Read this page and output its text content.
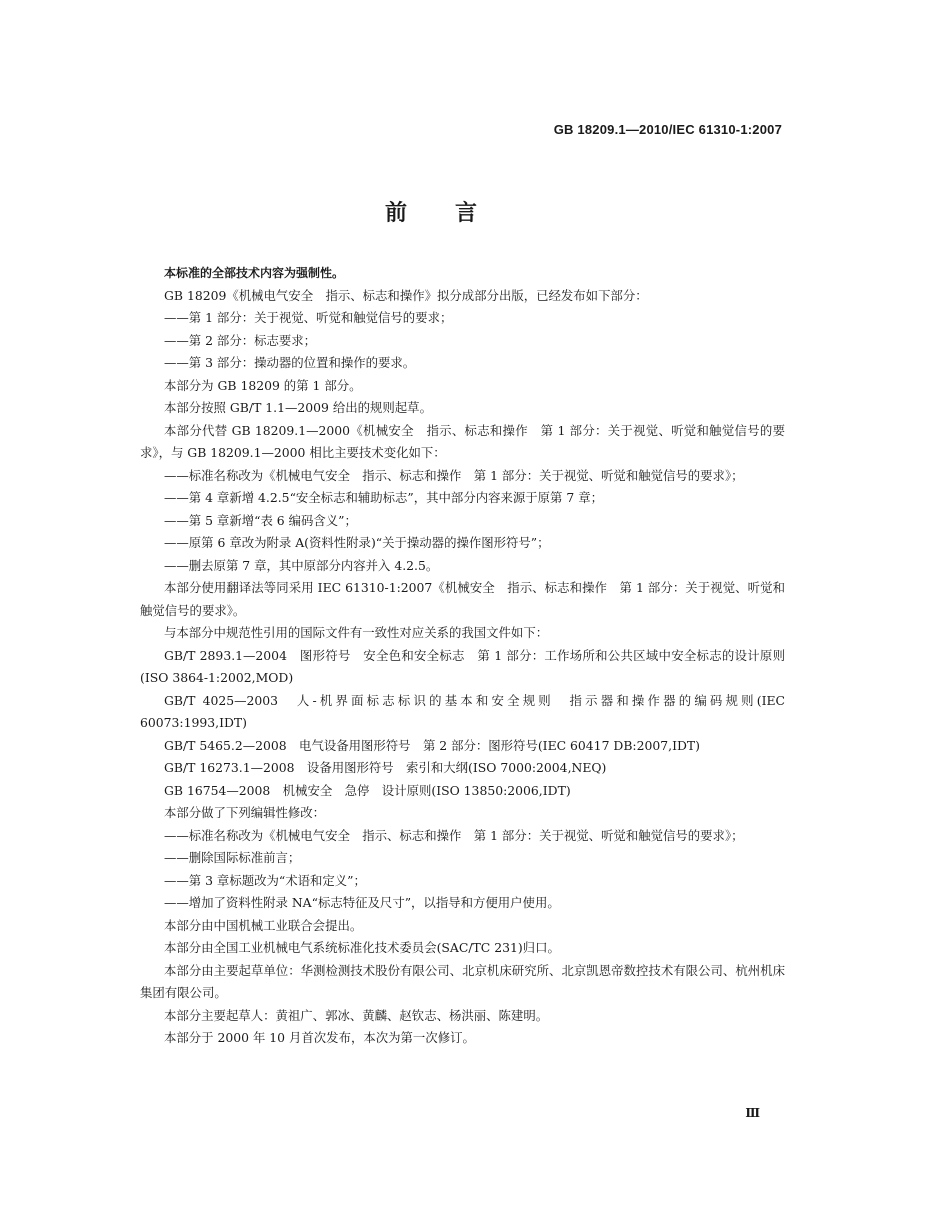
GB 18209.1—2010/IEC 61310-1:2007
前言

本标准的全部技术内容为强制性。

GB 18209《机械电气安全　指示、标志和操作》拟分成部分出版，已经发布如下部分：

——第 1 部分：关于视觉、听觉和触觉信号的要求；

——第 2 部分：标志要求；

——第 3 部分：操动器的位置和操作的要求。

本部分为 GB 18209 的第 1 部分。

本部分按照 GB/T 1.1—2009 给出的规则起草。

本部分代替 GB 18209.1—2000《机械安全　指示、标志和操作　第 1 部分：关于视觉、听觉和触觉信号的要求》，与 GB 18209.1—2000 相比主要技术变化如下：

——标准名称改为《机械电气安全　指示、标志和操作　第 1 部分：关于视觉、听觉和触觉信号的要求》；

——第 4 章新增 4.2.5“安全标志和辅助标志”，其中部分内容来源于原第 7 章；

——第 5 章新增“表 6 编码含义”；

——原第 6 章改为附录 A(资料性附录)“关于操动器的操作图形符号”；

——删去原第 7 章，其中原部分内容并入 4.2.5。

本部分使用翻译法等同采用 IEC 61310-1:2007《机械安全　指示、标志和操作　第 1 部分：关于视觉、听觉和触觉信号的要求》。

与本部分中规范性引用的国际文件有一致性对应关系的我国文件如下：

GB/T 2893.1—2004　图形符号　安全色和安全标志　第 1 部分：工作场所和公共区域中安全标志的设计原则(ISO 3864-1:2002,MOD)

GB/T 4025—2003　人-机界面标志标识的基本和安全规则　指示器和操作器的编码规则(IEC 60073:1993,IDT)

GB/T 5465.2—2008　电气设备用图形符号　第 2 部分：图形符号(IEC 60417 DB:2007,IDT)

GB/T 16273.1—2008　设备用图形符号　索引和大纲(ISO 7000:2004,NEQ)

GB 16754—2008　机械安全　急停　设计原则(ISO 13850:2006,IDT)

本部分做了下列编辑性修改：

——标准名称改为《机械电气安全　指示、标志和操作　第 1 部分：关于视觉、听觉和触觉信号的要求》；

——删除国际标准前言；

——第 3 章标题改为“术语和定义”；

——增加了资料性附录 NA“标志特征及尺寸”，以指导和方便用户使用。

本部分由中国机械工业联合会提出。

本部分由全国工业机械电气系统标准化技术委员会(SAC/TC 231)归口。

本部分由主要起草单位：华测检测技术股份有限公司、北京机床研究所、北京凯恩帝数控技术有限公司、杭州机床集团有限公司。

本部分主要起草人：黄祖广、郭冰、黄麟、赵钦志、杨洪丽、陈建明。

本部分于 2000 年 10 月首次发布，本次为第一次修订。

Ⅲ
